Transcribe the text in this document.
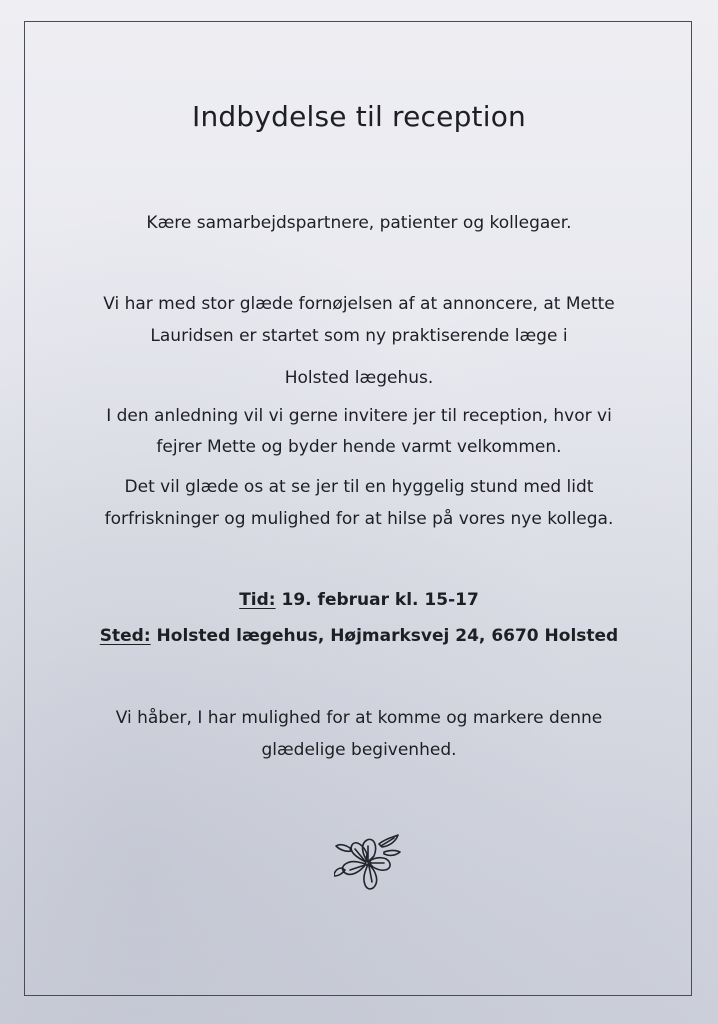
Indbydelse til reception
Kære samarbejdspartnere, patienter og kollegaer.
Vi har med stor glæde fornøjelsen af at annoncere, at Mette
Lauridsen er startet som ny praktiserende læge i
Holsted lægehus.
I den anledning vil vi gerne invitere jer til reception, hvor vi
fejrer Mette og byder hende varmt velkommen.
Det vil glæde os at se jer til en hyggelig stund med lidt
forfriskninger og mulighed for at hilse på vores nye kollega.
Tid: 19. februar kl. 15-17
Sted: Holsted lægehus, Højmarksvej 24, 6670 Holsted
Vi håber, I har mulighed for at komme og markere denne
glædelige begivenhed.
